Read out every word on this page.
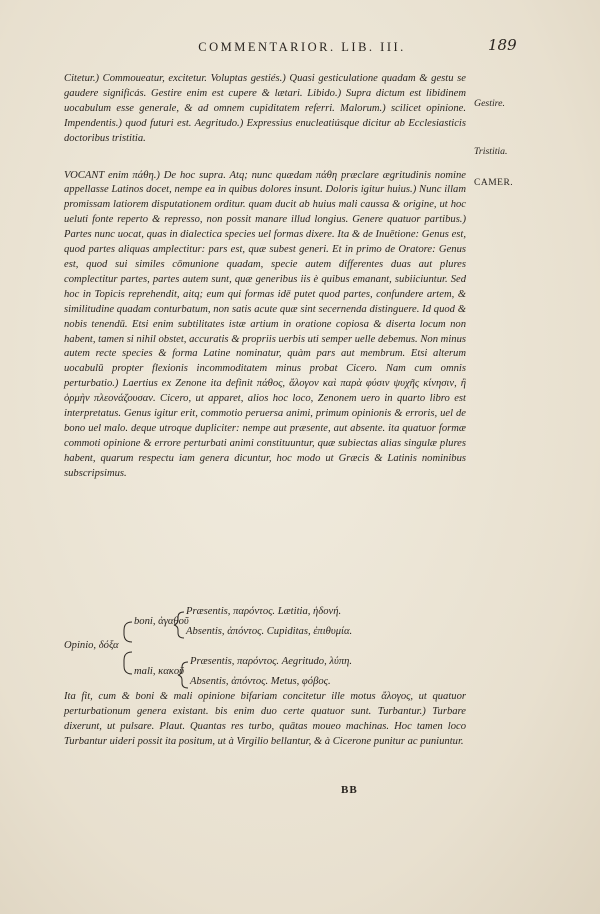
COMMENTARIOR. LIB. III.	189

Citetur.) Commoueatur, excitetur. Voluptas gestiés.) Quasi gesticulatione quadam & gestu se gaudere significás. Gestire enim est cupere & lætari. Libido.) Supra dictum est libidinem uocabulum esse generale, & ad omnem cupiditatem referri. Malorum.) scilicet opinione. Impendentis.) quod futuri est. Aegritudo.) Expressius enucleatiúsque dicitur ab Ecclesiasticis doctoribus tristitia.

VOCANT enim πάθη.) De hoc supra. Atq; nunc quædam πάθη præclare ægritudinis nomine appellasse Latinos docet, nempe ea in quibus dolores insunt. Doloris igitur huius.) Nunc illam promissam latiorem disputationem orditur. quam ducit ab huius mali caussa & origine, ut hoc ueluti fonte reperto & represso, non possit manare illud longius. Genere quatuor partibus.) Partes nunc uocat, quas in dialectica species uel formas dixere. Ita & de Inuētione: Genus est, quod partes aliquas amplectitur: pars est, quæ subest generi. Et in primo de Oratore: Genus est, quod sui similes cōmunione quadam, specie autem differentes duas aut plures complectitur partes, partes autem sunt, quæ generibus iis è quibus emanant, subiiciuntur. Sed hoc in Topicis reprehendit, aitq; eum qui formas idē putet quod partes, confundere artem, & similitudine quadam conturbatum, non satis acute quæ sint secernenda distinguere. Id quod & nobis tenendū. Etsi enim subtilitates istæ artium in oratione copiosa & diserta locum non habent, tamen si nihil obstet, accuratis & propriis uerbis uti semper uelle debemus. Non minus autem recte species & forma Latine nominatur, quàm pars aut membrum. Etsi alterum uocabulū propter flexionis incommoditatem minus probat Cicero. Nam cum omnis perturbatio.) Laertius ex Zenone ita definit πάθος, ἄλογον καὶ παρὰ φύσιν ψυχῆς κίνησιν, ἢ ὁρμὴν πλεονάζουσαν. Cicero, ut apparet, alios hoc loco, Zenonem uero in quarto libro est interpretatus. Genus igitur erit, commotio peruersa animi, primum opinionis & erroris, uel de bono uel malo. deque utroque dupliciter: nempe aut præsente, aut absente. ita quatuor formæ commoti opinione & errore perturbati animi constituuntur, quæ subiectas alias singulæ plures habent, quarum respectu iam genera dicuntur, hoc modo ut Græcis & Latinis nominibus subscripsimus.

Gestire.
Tristitia.
CAMER.
Opinio, δόξα
boni, ἀγαθοῦ
mali, κακοῦ
Præsentis, παρόντος. Lætitia, ἡδονή.
Absentis, ἀπόντος. Cupiditas, ἐπιθυμία.
Præsentis, παρόντος. Aegritudo, λύπη.
Absentis, ἀπόντος. Metus, φόβος.

Ita fit, cum & boni & mali opinione bifariam concitetur ille motus ἄλογος, ut quatuor perturbationum genera existant. bis enim duo certe quatuor sunt. Turbantur.) Turbare dixerunt, ut pulsare. Plaut. Quantas res turbo, quātas moueo machinas. Hoc tamen loco Turbantur uideri possit ita positum, ut à Virgilio bellantur, & à Cicerone punitur ac puniuntur.

BB
